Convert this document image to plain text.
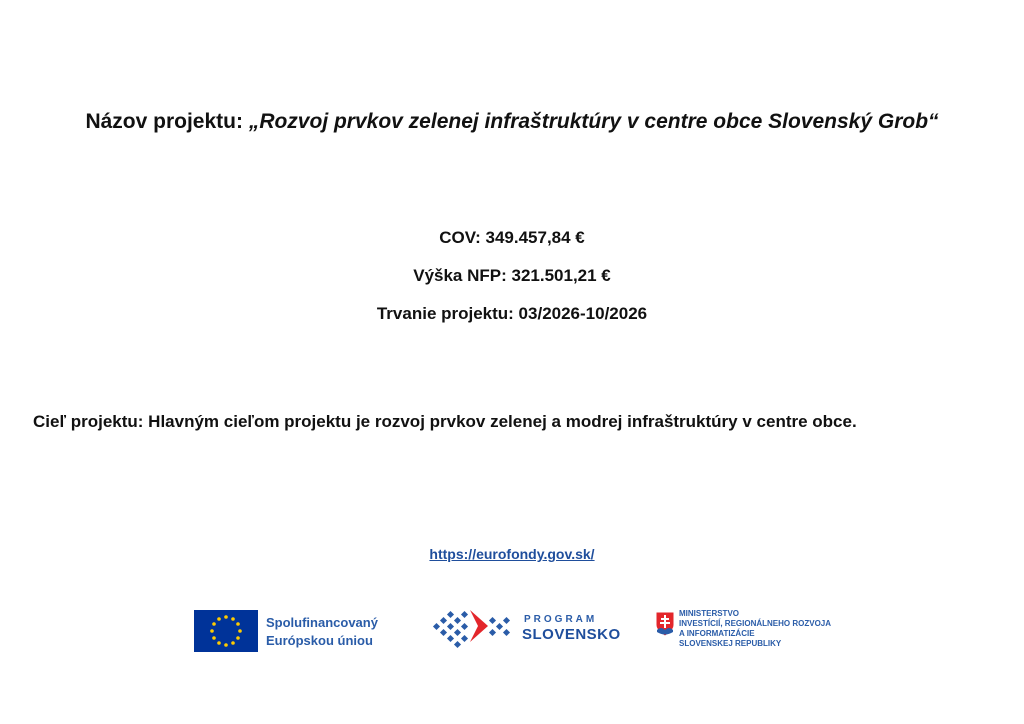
Názov projektu: „Rozvoj prvkov zelenej infraštruktúry v centre obce Slovenský Grob“
COV: 349.457,84 €
Výška NFP: 321.501,21 €
Trvanie projektu: 03/2026-10/2026
Cieľ projektu: Hlavným cieľom projektu je rozvoj prvkov zelenej a modrej infraštruktúry v centre obce.
https://eurofondy.gov.sk/
Spolufinancovaný
Európskou úniou
PROGRAM
SLOVENSKO
MINISTERSTVO
INVESTÍCIÍ, REGIONÁLNEHO ROZVOJA
A INFORMATIZÁCIE
SLOVENSKEJ REPUBLIKY
